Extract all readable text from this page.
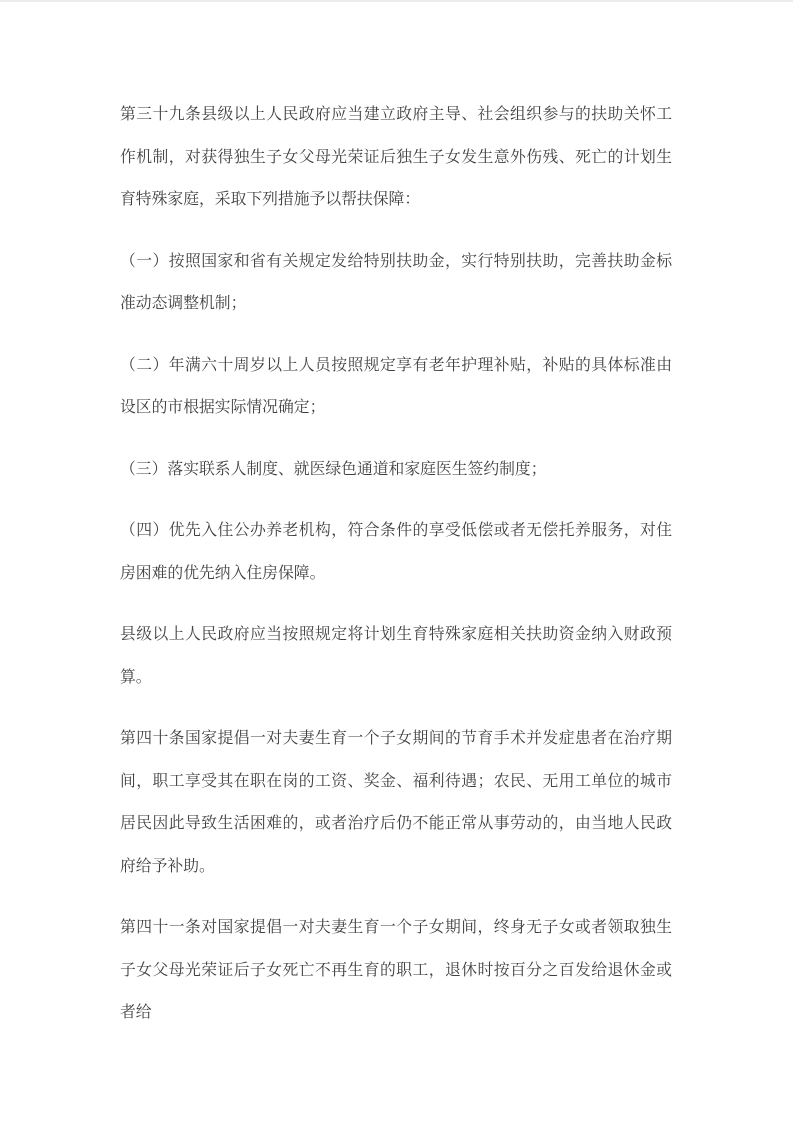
第三十九条县级以上人民政府应当建立政府主导、社会组织参与的扶助关怀工作机制，对获得独生子女父母光荣证后独生子女发生意外伤残、死亡的计划生育特殊家庭，采取下列措施予以帮扶保障：

（一）按照国家和省有关规定发给特别扶助金，实行特别扶助，完善扶助金标准动态调整机制；

（二）年满六十周岁以上人员按照规定享有老年护理补贴，补贴的具体标准由设区的市根据实际情况确定；

（三）落实联系人制度、就医绿色通道和家庭医生签约制度；

（四）优先入住公办养老机构，符合条件的享受低偿或者无偿托养服务，对住房困难的优先纳入住房保障。

县级以上人民政府应当按照规定将计划生育特殊家庭相关扶助资金纳入财政预算。

第四十条国家提倡一对夫妻生育一个子女期间的节育手术并发症患者在治疗期间，职工享受其在职在岗的工资、奖金、福利待遇；农民、无用工单位的城市居民因此导致生活困难的，或者治疗后仍不能正常从事劳动的，由当地人民政府给予补助。

第四十一条对国家提倡一对夫妻生育一个子女期间，终身无子女或者领取独生子女父母光荣证后子女死亡不再生育的职工，退休时按百分之百发给退休金或者给
